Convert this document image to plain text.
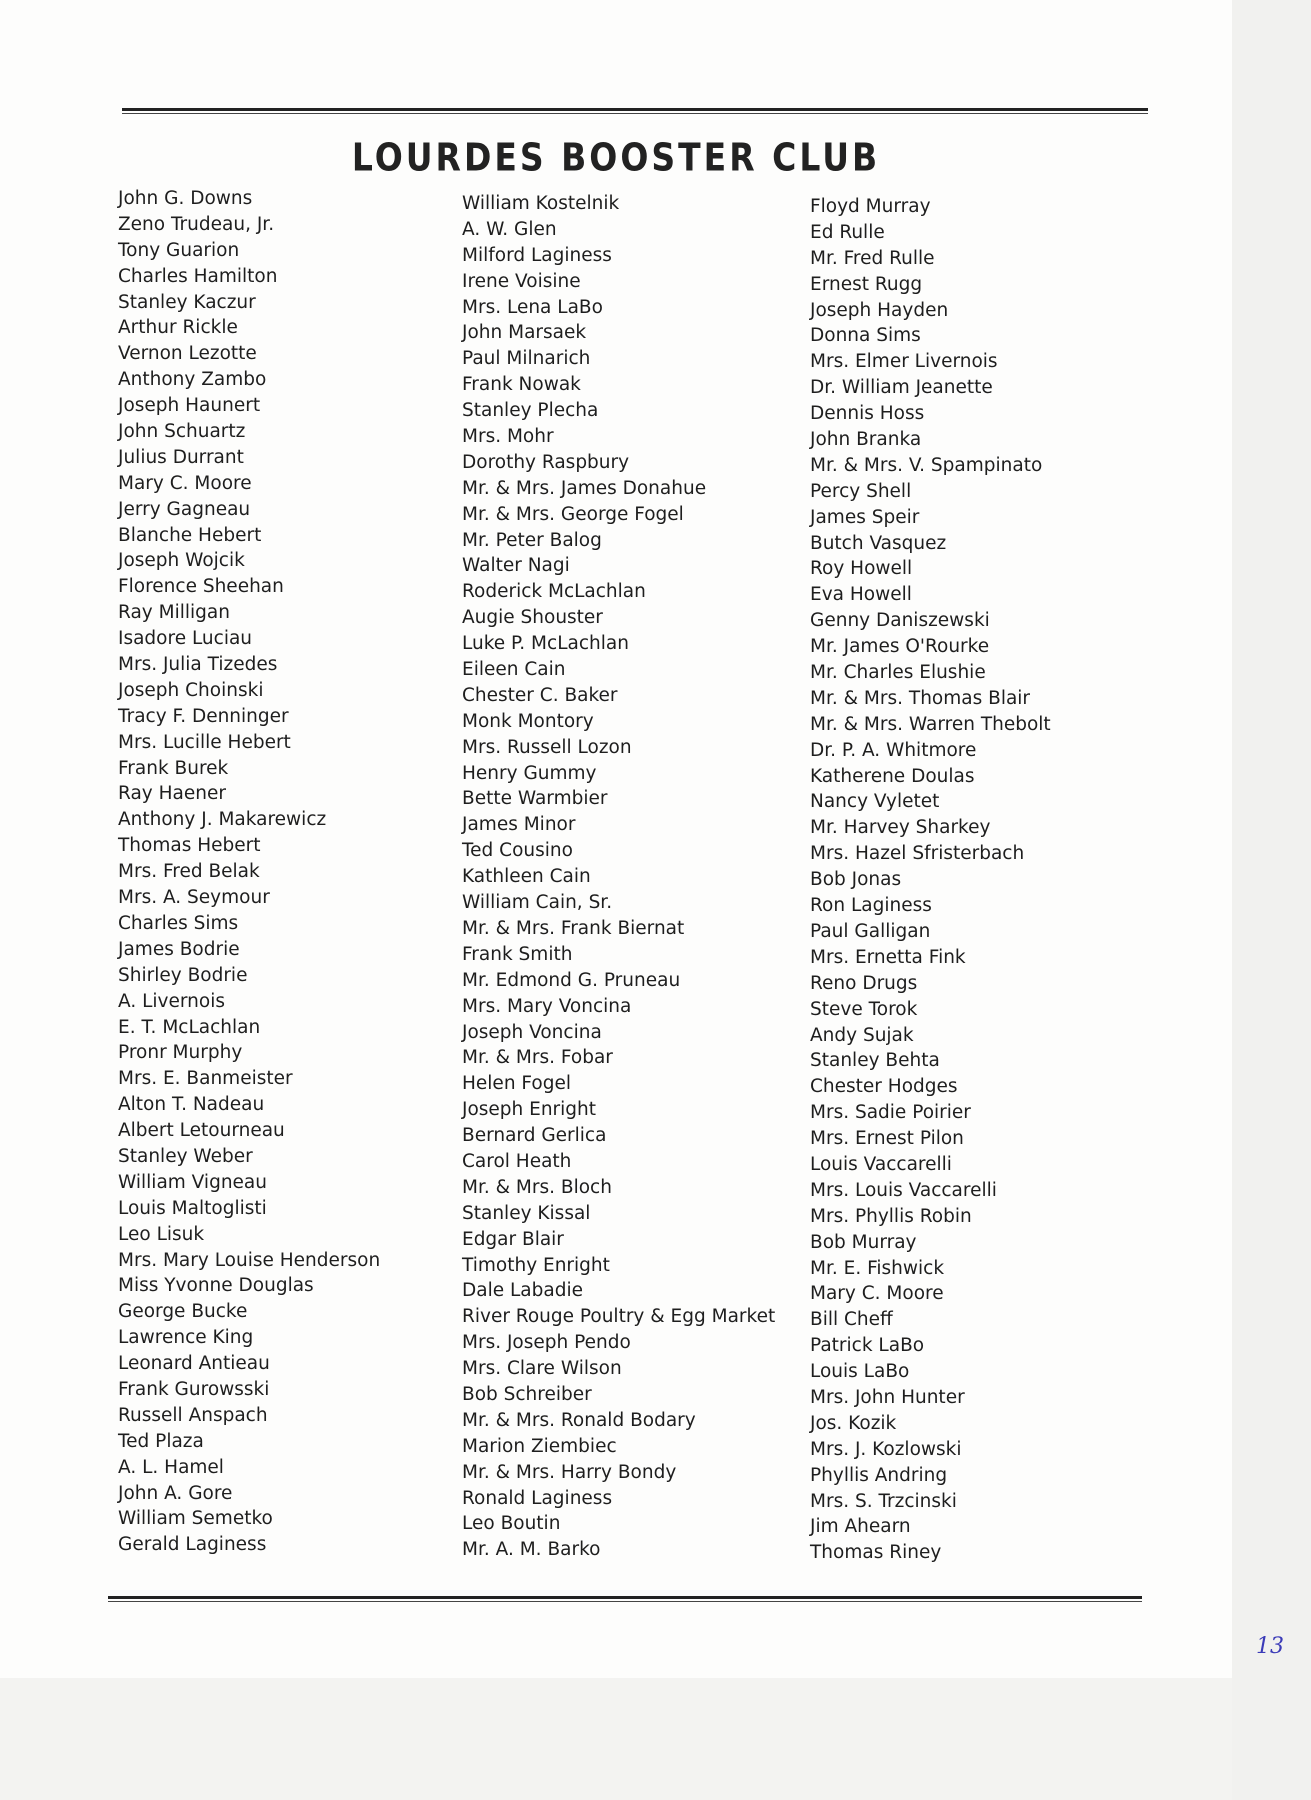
LOURDES BOOSTER CLUB
John G. Downs
Zeno Trudeau, Jr.
Tony Guarion
Charles Hamilton
Stanley Kaczur
Arthur Rickle
Vernon Lezotte
Anthony Zambo
Joseph Haunert
John Schuartz
Julius Durrant
Mary C. Moore
Jerry Gagneau
Blanche Hebert
Joseph Wojcik
Florence Sheehan
Ray Milligan
Isadore Luciau
Mrs. Julia Tizedes
Joseph Choinski
Tracy F. Denninger
Mrs. Lucille Hebert
Frank Burek
Ray Haener
Anthony J. Makarewicz
Thomas Hebert
Mrs. Fred Belak
Mrs. A. Seymour
Charles Sims
James Bodrie
Shirley Bodrie
A. Livernois
E. T. McLachlan
Pronr Murphy
Mrs. E. Banmeister
Alton T. Nadeau
Albert Letourneau
Stanley Weber
William Vigneau
Louis Maltoglisti
Leo Lisuk
Mrs. Mary Louise Henderson
Miss Yvonne Douglas
George Bucke
Lawrence King
Leonard Antieau
Frank Gurowsski
Russell Anspach
Ted Plaza
A. L. Hamel
John A. Gore
William Semetko
Gerald Laginess
William Kostelnik
A. W. Glen
Milford Laginess
Irene Voisine
Mrs. Lena LaBo
John Marsaek
Paul Milnarich
Frank Nowak
Stanley Plecha
Mrs. Mohr
Dorothy Raspbury
Mr. & Mrs. James Donahue
Mr. & Mrs. George Fogel
Mr. Peter Balog
Walter Nagi
Roderick McLachlan
Augie Shouster
Luke P. McLachlan
Eileen Cain
Chester C. Baker
Monk Montory
Mrs. Russell Lozon
Henry Gummy
Bette Warmbier
James Minor
Ted Cousino
Kathleen Cain
William Cain, Sr.
Mr. & Mrs. Frank Biernat
Frank Smith
Mr. Edmond G. Pruneau
Mrs. Mary Voncina
Joseph Voncina
Mr. & Mrs. Fobar
Helen Fogel
Joseph Enright
Bernard Gerlica
Carol Heath
Mr. & Mrs. Bloch
Stanley Kissal
Edgar Blair
Timothy Enright
Dale Labadie
River Rouge Poultry & Egg Market
Mrs. Joseph Pendo
Mrs. Clare Wilson
Bob Schreiber
Mr. & Mrs. Ronald Bodary
Marion Ziembiec
Mr. & Mrs. Harry Bondy
Ronald Laginess
Leo Boutin
Mr. A. M. Barko
Floyd Murray
Ed Rulle
Mr. Fred Rulle
Ernest Rugg
Joseph Hayden
Donna Sims
Mrs. Elmer Livernois
Dr. William Jeanette
Dennis Hoss
John Branka
Mr. & Mrs. V. Spampinato
Percy Shell
James Speir
Butch Vasquez
Roy Howell
Eva Howell
Genny Daniszewski
Mr. James O'Rourke
Mr. Charles Elushie
Mr. & Mrs. Thomas Blair
Mr. & Mrs. Warren Thebolt
Dr. P. A. Whitmore
Katherene Doulas
Nancy Vyletet
Mr. Harvey Sharkey
Mrs. Hazel Sfristerbach
Bob Jonas
Ron Laginess
Paul Galligan
Mrs. Ernetta Fink
Reno Drugs
Steve Torok
Andy Sujak
Stanley Behta
Chester Hodges
Mrs. Sadie Poirier
Mrs. Ernest Pilon
Louis Vaccarelli
Mrs. Louis Vaccarelli
Mrs. Phyllis Robin
Bob Murray
Mr. E. Fishwick
Mary C. Moore
Bill Cheff
Patrick LaBo
Louis LaBo
Mrs. John Hunter
Jos. Kozik
Mrs. J. Kozlowski
Phyllis Andring
Mrs. S. Trzcinski
Jim Ahearn
Thomas Riney
13
